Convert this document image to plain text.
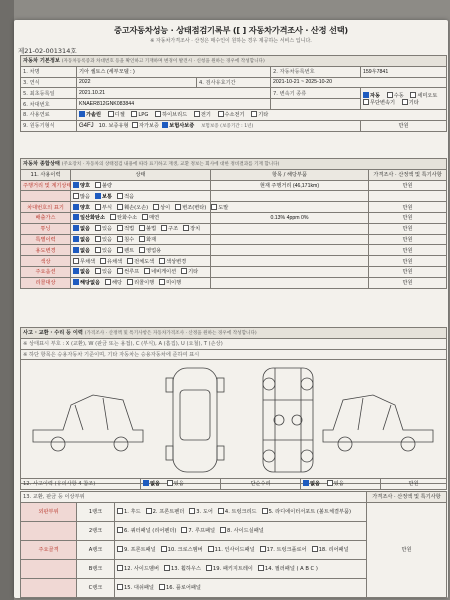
중고자동차성능 · 상태점검기록부 ([ ] 자동차가격조사 · 산정 선택)
※ 자동차가격조사 · 산정은 매수인이 원하는 경우 제공하는 서비스 입니다.
제21-02-001314호
자동차 기본정보 (자동차등록증과 차대번호 등을 확인하고 기재하며 변경이 발견시 · 신청을 원하는 경우에 작성합니다)				
1. 차명	기아 셀토스 (세부모델 : )		2. 자동차등록번호	159우7841
3. 연식	2022	4. 검사유효기간	2021-10-21 ~ 2025-10-20	
5. 최초등록일	2021.10.21		7. 변속기 종류	자동 수동 세미오토
무단변속기 기타
6. 차대번호	KNAER812GNK083844			
8. 사용연료	가솔린 디젤 LPG 하이브리드 전기 수소전기 기타			
9. 원동기형식	G4FJ 10. 보증유형 자가보증 보험사보증 보험보증 (보증기간 : 1년)			만원
자동차 종합상태 (주요장치 · 자동차의 상태점검 내용에 따라 표기하고 재생, 교환 정보는 회사에 대한 정비결과를 기재 합니다)			
11. 사용이력	상태	항목 / 해당부품	가격조사 · 산정액 및 특기사항
주행거리 및 계기상태	양호 불량	현재 주행거리 (46,171km)	만원
	많음 보통 적음		
차대번호의 표기	양호 부식 훼손(오손) 상이 변조(변타) 도말		만원
배출가스	일산화탄소 탄화수소 매연	0.13% 4ppm 0%	만원
튜닝	없음 있음 적법 불법 구조 장치		만원
특별이력	없음 있음 침수 화재		만원
용도변경	없음 있음 렌트 영업용		만원
색상	무채색 유채색 전체도색 색상변경		만원
주요옵션	없음 있음 썬루프 네비게이션 기타		만원
리콜대상	해당없음 해당 리콜이행 미이행		만원
사고 · 교환 · 수리 등 이력 (가격조사 · 산정액 및 특기사항은 자동차가격조사 · 산정을 원하는 경우에 작성합니다)
※ 상태표시 부호 : X (교환), W (판금 또는 용접), C (부식), A (흠집), U (요철), T (손상)
※ 하단 항목은 승용자동차 기준이며, 기타 자동차는 승용자동차에 준하여 표시

12. 사고이력 (유의사항 4 참조)	없음	있음	단순수리	없음	있음	만원
13. 교환, 판금 등 이상부위			가격조사 · 산정액 및 특기사항
외판부위	1랭크	1. 후드 2. 프론트펜더 3. 도어 4. 트렁크리드 5. 라디에이터서포트 (볼트체결부품)	만원
	2랭크	6. 쿼터패널 (리어펜더) 7. 루프패널 8. 사이드실패널	
주요골격	A랭크	9. 프론트패널 10. 크로스멤버 11. 인사이드패널 17. 트렁크플로어 18. 리어패널	
	B랭크	12. 사이드멤버 13. 휠하우스 19. 패키지트레이 14. 필러패널 ( A B C )	
	C랭크	15. 대쉬패널 16. 플로어패널	
